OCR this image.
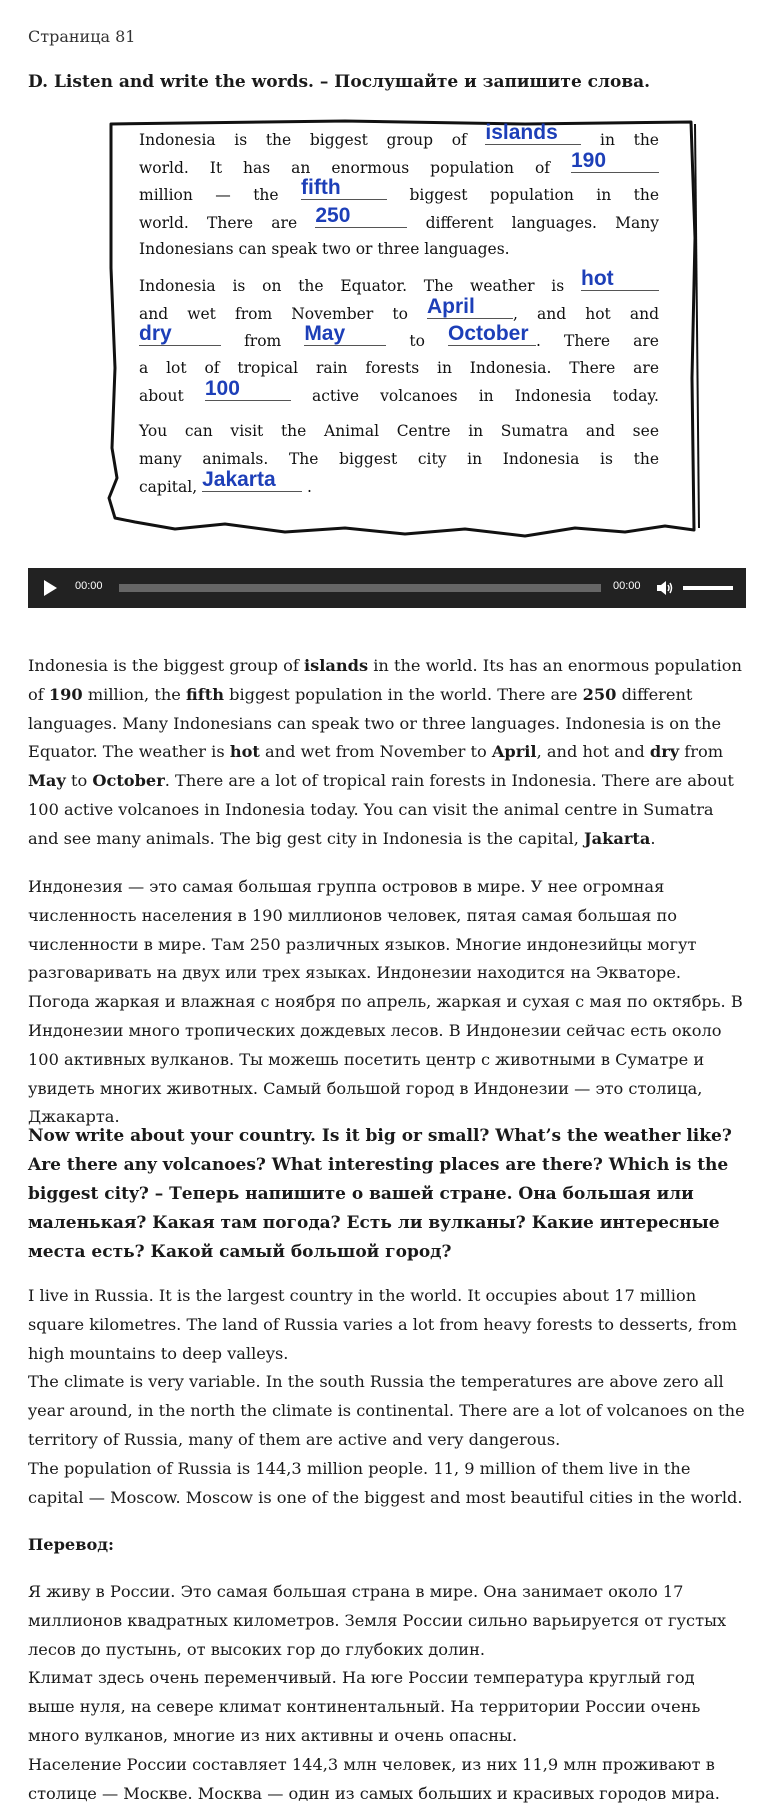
Страница 81
D. Listen and write the words. – Послушайте и запишите слова.
Indonesia is the biggest group of islands	in the
world. It has an enormous population of 190
million — the fifth	biggest population in the
world. There are 250	different languages. Many
Indonesians can speak two or three languages.
Indonesia is on the Equator. The weather is hot
and wet from November to April	, and hot and
dry	from May	to October . There are
a lot of tropical rain forests in Indonesia. There are
about 100	active volcanoes in Indonesia today.
You can visit the Animal Centre in Sumatra and see
many animals. The biggest city in Indonesia is the
capital, Jakarta	.
00:00	00:00
Indonesia is the biggest group of islands in the world. Its has an enormous population of 190 million, the fifth biggest population in the world. There are 250 different languages. Many Indonesians can speak two or three languages. Indonesia is on the Equator. The weather is hot and wet from November to April, and hot and dry from May to October. There are a lot of tropical rain forests in Indonesia. There are about 100 active volcanoes in Indonesia today. You can visit the animal centre in Sumatra and see many animals. The big gest city in Indonesia is the capital, Jakarta.
Индонезия — это самая большая группа островов в мире. У нее огромная численность населения в 190 миллионов человек, пятая самая большая по численности в мире. Там 250 различных языков. Многие индонезийцы могут разговаривать на двух или трех языках. Индонезии находится на Экваторе. Погода жаркая и влажная с ноября по апрель, жаркая и сухая с мая по октябрь. В Индонезии много тропических дождевых лесов. В Индонезии сейчас есть около 100 активных вулканов. Ты можешь посетить центр с животными в Суматре и увидеть многих животных. Самый большой город в Индонезии — это столица, Джакарта.
Now write about your country. Is it big or small? What’s the weather like? Are there any volcanoes? What interesting places are there? Which is the biggest city? – Теперь напишите о вашей стране. Она большая или маленькая? Какая там погода? Есть ли вулканы? Какие интересные места есть? Какой самый большой город?
I live in Russia. It is the largest country in the world. It occupies about 17 million square kilometres. The land of Russia varies a lot from heavy forests to desserts, from high mountains to deep valleys.
The climate is very variable. In the south Russia the temperatures are above zero all year around, in the north the climate is continental. There are a lot of volcanoes on the territory of Russia, many of them are active and very dangerous.
The population of Russia is 144,3 million people. 11, 9 million of them live in the capital — Moscow. Moscow is one of the biggest and most beautiful cities in the world.
Перевод:
Я живу в России. Это самая большая страна в мире. Она занимает около 17 миллионов квадратных километров. Земля России сильно варьируется от густых лесов до пустынь, от высоких гор до глубоких долин.
Климат здесь очень переменчивый. На юге России температура круглый год выше нуля, на севере климат континентальный. На территории России очень много вулканов, многие из них активны и очень опасны.
Население России составляет 144,3 млн человек, из них 11,9 млн проживают в столице — Москве. Москва — один из самых больших и красивых городов мира.
